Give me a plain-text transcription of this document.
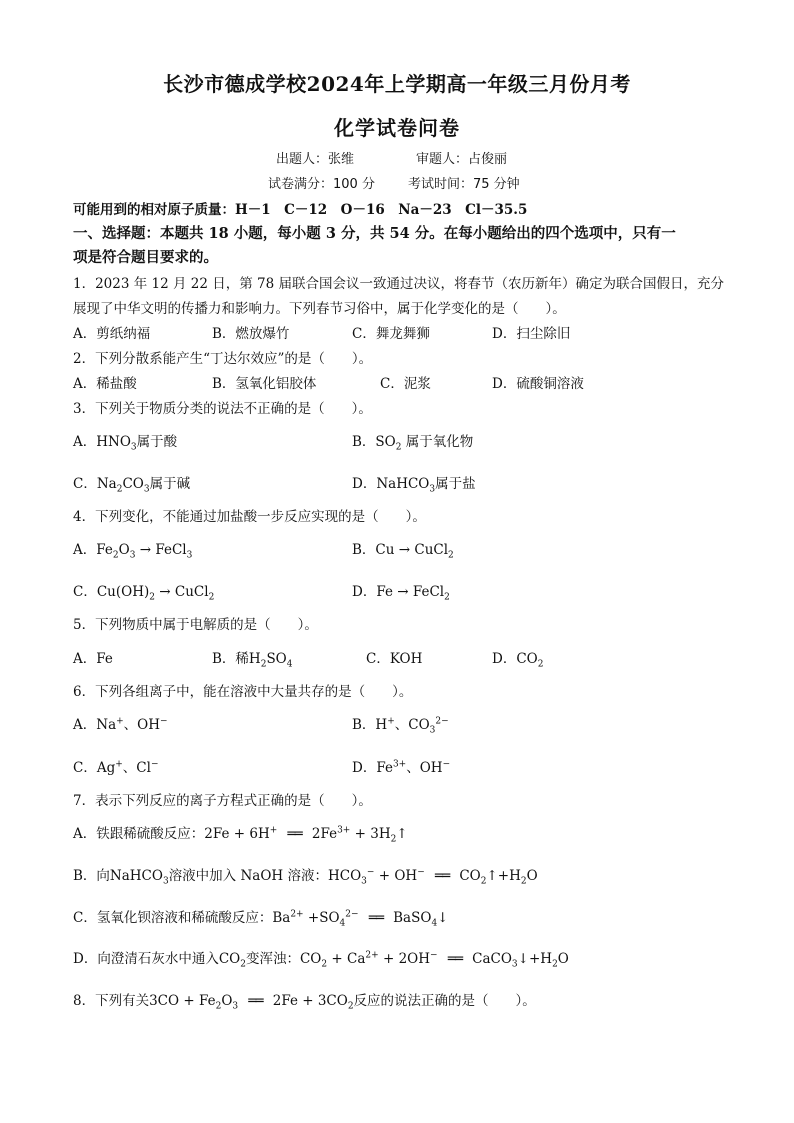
长沙市德成学校2024年上学期高一年级三月份月考
化学试卷问卷
出题人：张维	审题人：占俊丽
试卷满分：100 分	考试时间：75 分钟
可能用到的相对原子质量：H－1　C－12　O－16　Na－23　Cl－35.5
一、选择题：本题共 18 小题，每小题 3 分，共 54 分。在每小题给出的四个选项中，只有一
项是符合题目要求的。
1．2023 年 12 月 22 日，第 78 届联合国会议一致通过决议，将春节（农历新年）确定为联合国假日，充分
展现了中华文明的传播力和影响力。下列春节习俗中，属于化学变化的是（　　）。
A．剪纸纳福	B．燃放爆竹	C．舞龙舞狮	D．扫尘除旧
2．下列分散系能产生“丁达尔效应”的是（　　）。
A．稀盐酸	B．氢氧化铝胶体	C．泥浆	D．硫酸铜溶液
3．下列关于物质分类的说法不正确的是（　　）。
A．$HNO_3$属于酸	B．$SO_2$ 属于氧化物
C．$Na_2CO_3$属于碱	D．NaHCO$_3$属于盐
4．下列变化，不能通过加盐酸一步反应实现的是（　　）。
A．$Fe_2O_3$ → FeCl$_3$	B．Cu → CuCl$_2$
C．$Cu(OH)_2$ → CuCl$_2$	D．Fe → FeCl$_2$
5．下列物质中属于电解质的是（　　）。
A．Fe	B．稀$H_2SO_4$	C．KOH	D．$CO_2$
6．下列各组离子中，能在溶液中大量共存的是（　　）。
A．Na+、OH−	B．H+、$CO_3^{2-}$
C．Ag+、Cl−	D．$Fe^{3+}$、OH−
7．表示下列反应的离子方程式正确的是（　　）。
A．铁跟稀硫酸反应：2Fe + 6H+ ══ $2Fe^{3+}$ + $3H_2↑$
B．向NaHCO$_3$溶液中加入 NaOH 溶液：$HCO_3^- + OH^-$ ══ $CO_2↑+H_2O$
C．氢氧化钡溶液和稀硫酸反应：$Ba^{2+} +SO_4^{2-}$ ══ BaSO$_4$↓
D．向澄清石灰水中通入$CO_2$变浑浊：$CO_2 + Ca^{2+} + 2OH^-$ ══ $CaCO_3↓+H_2O$
8．下列有关$3CO + Fe_2O_3$ ══ $2Fe + 3CO_2$反应的说法正确的是（　　）。
